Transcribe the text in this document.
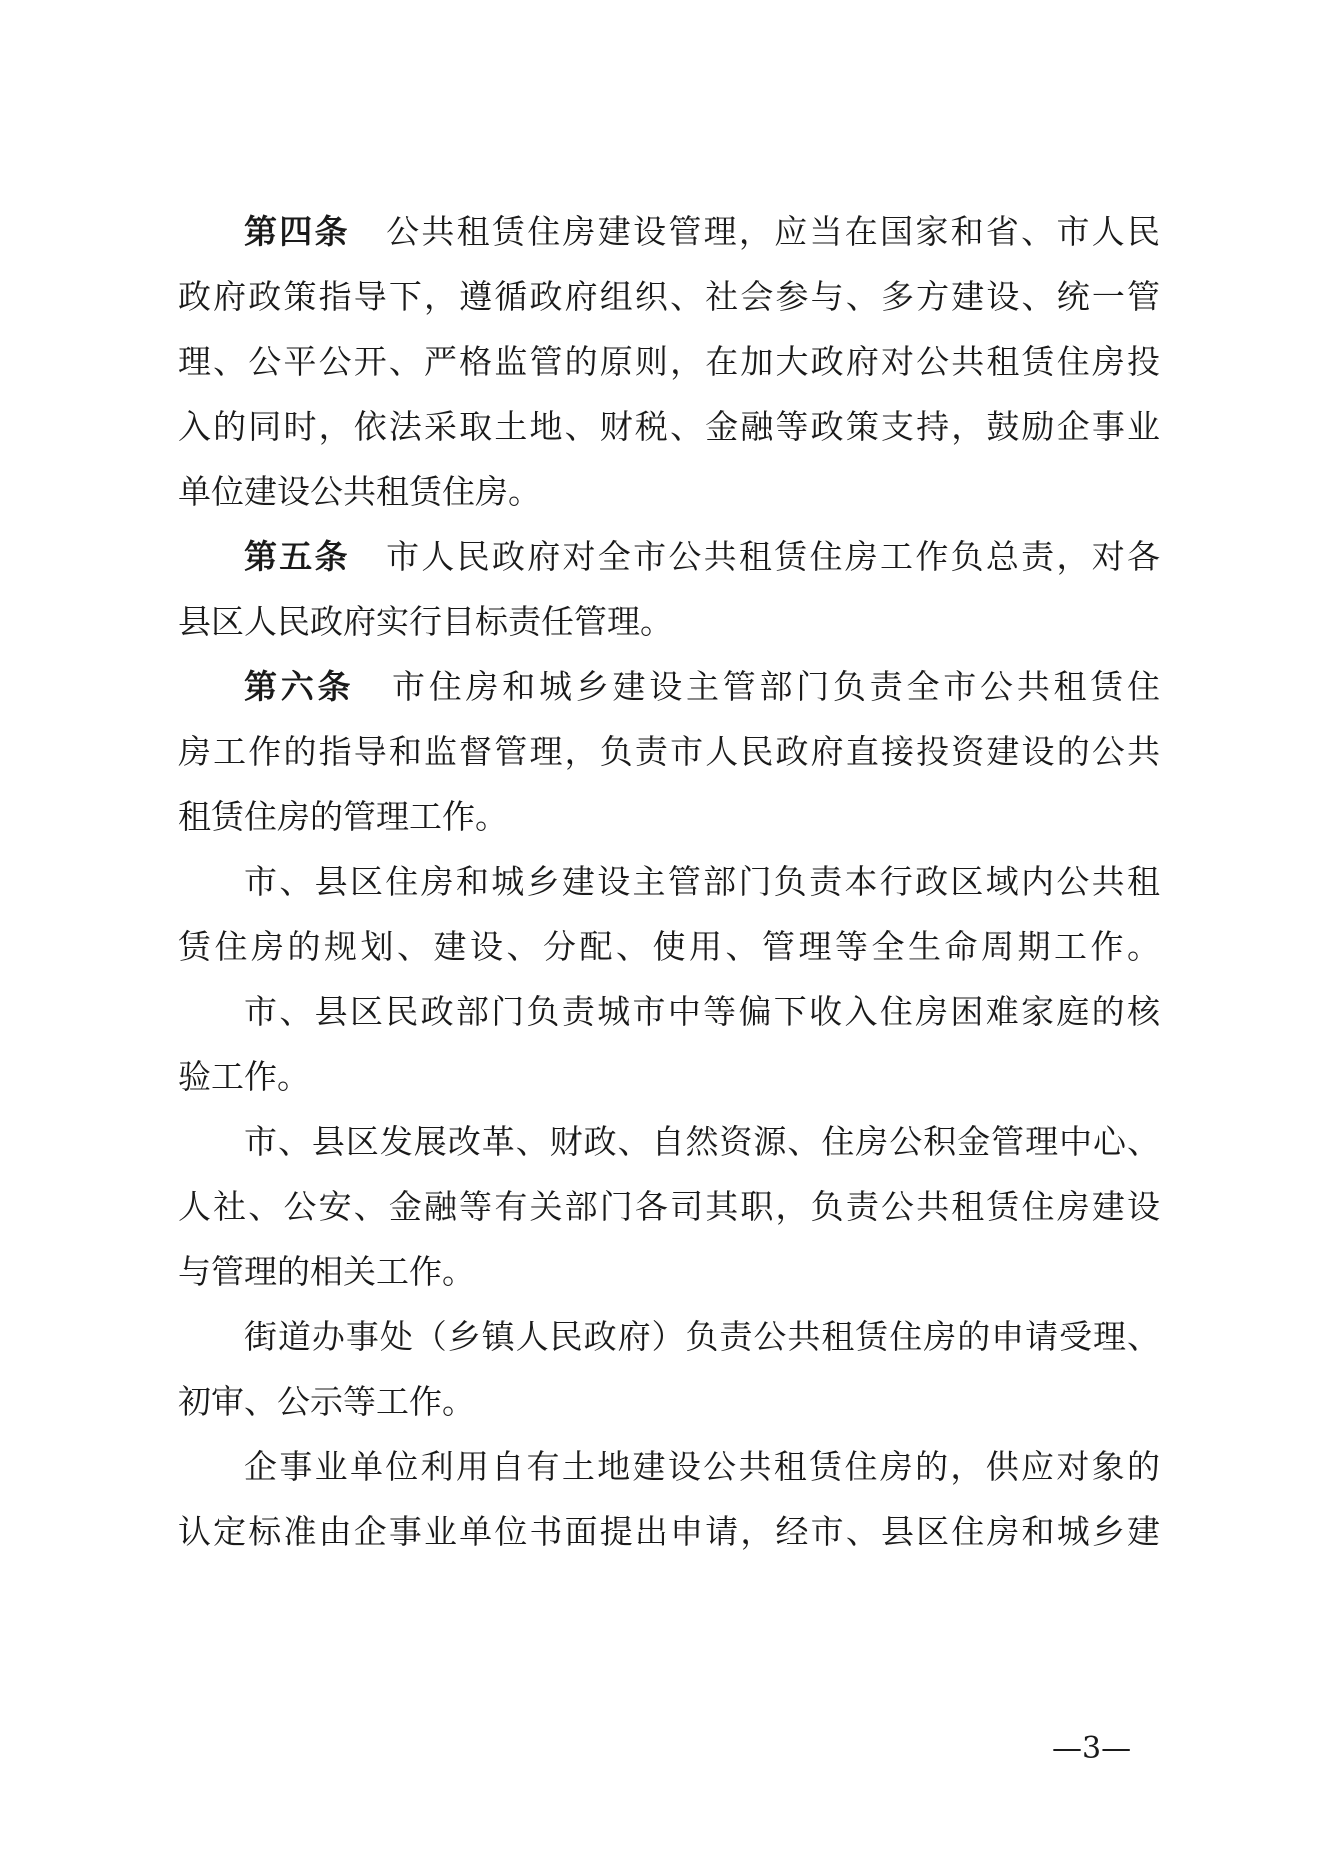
第四条 公共租赁住房建设管理，应当在国家和省、市人民
政府政策指导下，遵循政府组织、社会参与、多方建设、统一管
理、公平公开、严格监管的原则，在加大政府对公共租赁住房投
入的同时，依法采取土地、财税、金融等政策支持，鼓励企事业
单位建设公共租赁住房。
第五条 市人民政府对全市公共租赁住房工作负总责，对各
县区人民政府实行目标责任管理。
第六条 市住房和城乡建设主管部门负责全市公共租赁住
房工作的指导和监督管理，负责市人民政府直接投资建设的公共
租赁住房的管理工作。
市、县区住房和城乡建设主管部门负责本行政区域内公共租
赁住房的规划、建设、分配、使用、管理等全生命周期工作。
市、县区民政部门负责城市中等偏下收入住房困难家庭的核
验工作。
市、县区发展改革、财政、自然资源、住房公积金管理中心、
人社、公安、金融等有关部门各司其职，负责公共租赁住房建设
与管理的相关工作。
街道办事处（乡镇人民政府）负责公共租赁住房的申请受理、
初审、公示等工作。
企事业单位利用自有土地建设公共租赁住房的，供应对象的
认定标准由企事业单位书面提出申请，经市、县区住房和城乡建
—3—
